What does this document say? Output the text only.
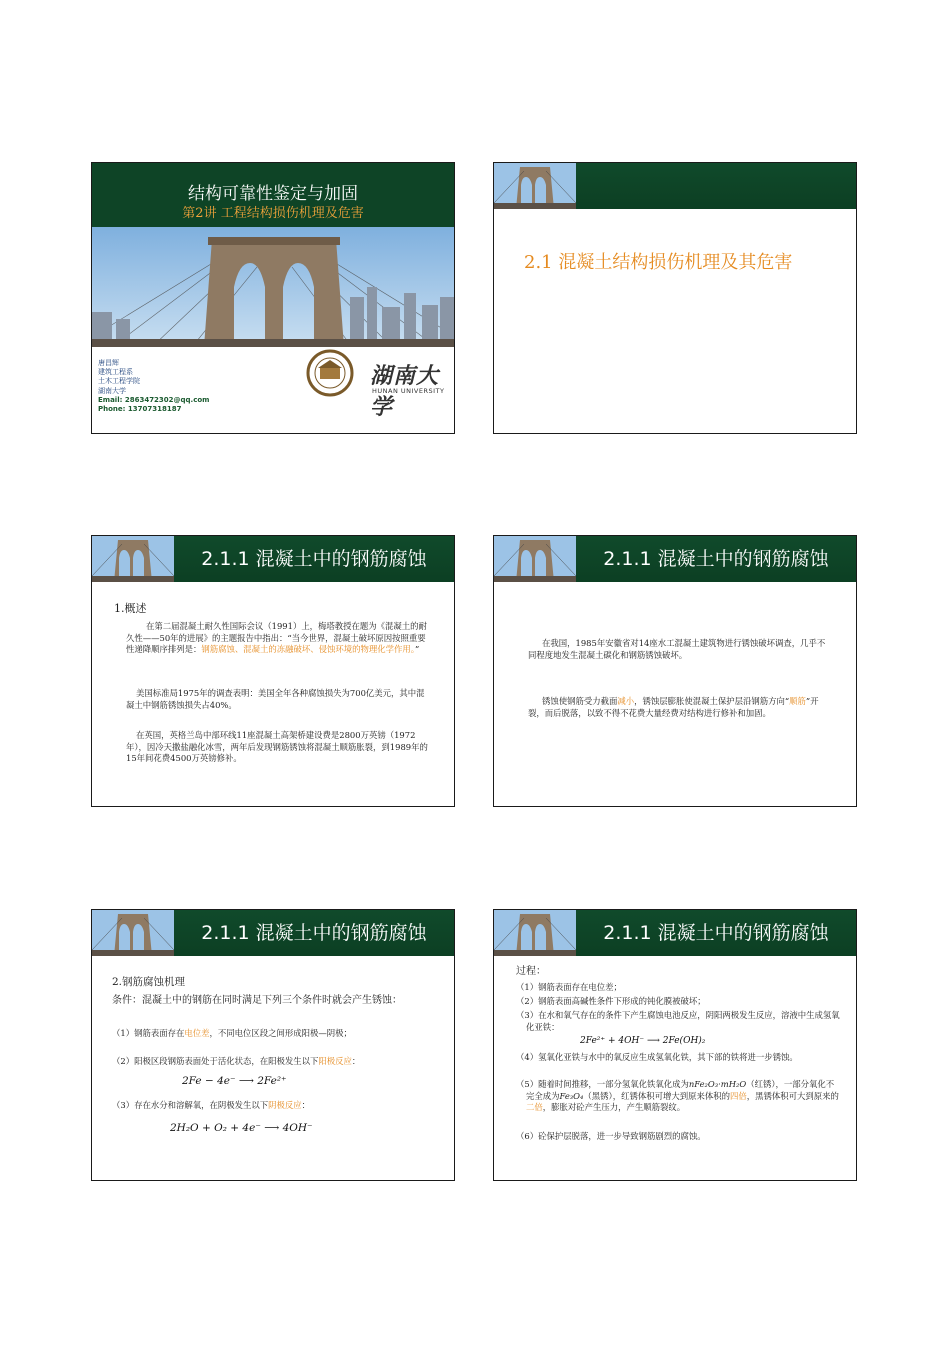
结构可靠性鉴定与加固
第2讲 工程结构损伤机理及危害
唐昌辉
建筑工程系
土木工程学院
湖南大学
Email: 2863472302@qq.com
Phone: 13707318187
湖南大学
HUNAN UNIVERSITY
2.1 混凝土结构损伤机理及其危害
2.1.1 混凝土中的钢筋腐蚀
1.概述
在第二届混凝土耐久性国际会议（1991）上，梅塔教授在题为《混凝土的耐久性——50年的进展》的主题报告中指出：“当今世界，混凝土破坏原因按照重要性递降顺序排列是：钢筋腐蚀、混凝土的冻融破坏、侵蚀环境的物理化学作用。”
美国标准局1975年的调查表明：美国全年各种腐蚀损失为700亿美元，其中混凝土中钢筋锈蚀损失占40%。
在英国，英格兰岛中部环线11座混凝土高架桥建设费是2800万英镑（1972年），因冷天撒盐融化冰雪，两年后发现钢筋锈蚀将混凝土顺筋胀裂，到1989年的15年间花费4500万英镑修补。
2.1.1 混凝土中的钢筋腐蚀
在我国，1985年安徽省对14座水工混凝土建筑物进行锈蚀破坏调查，几乎不同程度地发生混凝土碳化和钢筋锈蚀破坏。
锈蚀使钢筋受力截面减小，锈蚀层膨胀使混凝土保护层沿钢筋方向“顺筋”开裂，而后脱落，以致不得不花费大量经费对结构进行修补和加固。
2.1.1 混凝土中的钢筋腐蚀
2.钢筋腐蚀机理
条件：混凝土中的钢筋在同时满足下列三个条件时就会产生锈蚀：
（1）钢筋表面存在电位差，不同电位区段之间形成阳极—阴极；
（2）阳极区段钢筋表面处于活化状态，在阳极发生以下阳极反应：
2Fe − 4e⁻ ⟶ 2Fe²⁺
（3）存在水分和溶解氧，在阴极发生以下阴极反应：
2H₂O + O₂ + 4e⁻ ⟶ 4OH⁻
2.1.1 混凝土中的钢筋腐蚀
过程：
（1）钢筋表面存在电位差；
（2）钢筋表面高碱性条件下形成的钝化膜被破坏；
（3）在水和氧气存在的条件下产生腐蚀电池反应，阴阳两极发生反应，溶液中生成氢氧化亚铁：
2Fe²⁺ + 4OH⁻ ⟶ 2Fe(OH)₂
（4）氢氧化亚铁与水中的氧反应生成氢氧化铁，其下部的铁将进一步锈蚀。
（5）随着时间推移，一部分氢氧化铁氧化成为nFe₂O₃·mH₂O（红锈），一部分氧化不完全成为Fe₃O₄（黑锈），红锈体积可增大到原来体积的四倍，黑锈体积可大到原来的二倍，膨胀对砼产生压力，产生顺筋裂纹。
（6）砼保护层脱落，进一步导致钢筋剧烈的腐蚀。
